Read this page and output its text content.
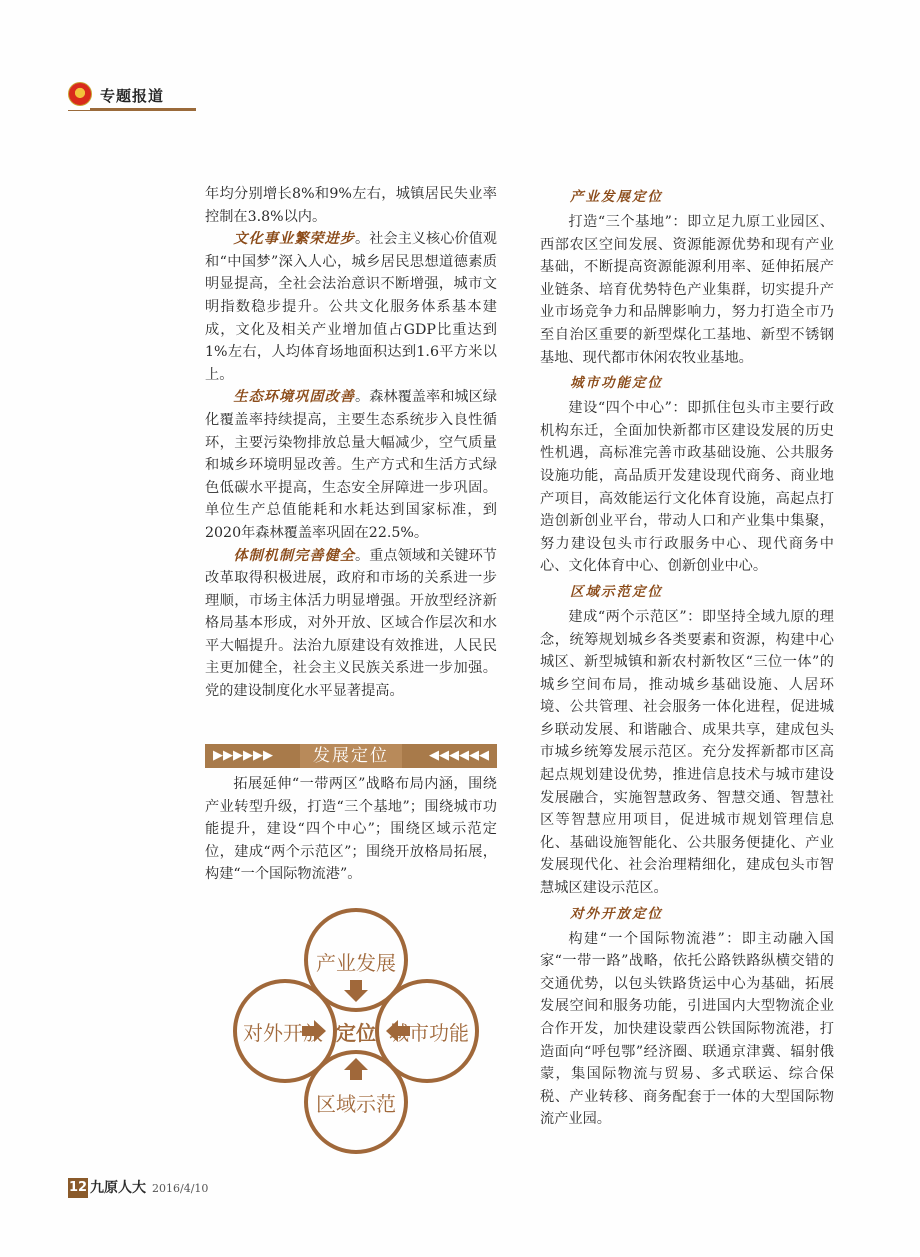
专题报道

年均分别增长8%和9%左右，城镇居民失业率控制在3.8%以内。

文化事业繁荣进步。社会主义核心价值观和“中国梦”深入人心，城乡居民思想道德素质明显提高，全社会法治意识不断增强，城市文明指数稳步提升。公共文化服务体系基本建成，文化及相关产业增加值占GDP比重达到1%左右，人均体育场地面积达到1.6平方米以上。

生态环境巩固改善。森林覆盖率和城区绿化覆盖率持续提高，主要生态系统步入良性循环，主要污染物排放总量大幅减少，空气质量和城乡环境明显改善。生产方式和生活方式绿色低碳水平提高，生态安全屏障进一步巩固。单位生产总值能耗和水耗达到国家标准，到2020年森林覆盖率巩固在22.5%。

体制机制完善健全。重点领域和关键环节改革取得积极进展，政府和市场的关系进一步理顺，市场主体活力明显增强。开放型经济新格局基本形成，对外开放、区域合作层次和水平大幅提升。法治九原建设有效推进，人民民主更加健全，社会主义民族关系进一步加强。党的建设制度化水平显著提高。

▶▶▶▶▶▶	发展定位	◀◀◀◀◀◀

拓展延伸“一带两区”战略布局内涵，围绕产业转型升级，打造“三个基地”；围绕城市功能提升，建设“四个中心”；围绕区域示范定位，建成“两个示范区”；围绕开放格局拓展，构建“一个国际物流港”。

产业发展
城市功能
区域示范
对外开放 定位

产业发展定位

打造“三个基地”：即立足九原工业园区、西部农区空间发展、资源能源优势和现有产业基础，不断提高资源能源利用率、延伸拓展产业链条、培育优势特色产业集群，切实提升产业市场竞争力和品牌影响力，努力打造全市乃至自治区重要的新型煤化工基地、新型不锈钢基地、现代都市休闲农牧业基地。

城市功能定位

建设“四个中心”：即抓住包头市主要行政机构东迁，全面加快新都市区建设发展的历史性机遇，高标准完善市政基础设施、公共服务设施功能，高品质开发建设现代商务、商业地产项目，高效能运行文化体育设施，高起点打造创新创业平台，带动人口和产业集中集聚，努力建设包头市行政服务中心、现代商务中心、文化体育中心、创新创业中心。

区域示范定位

建成“两个示范区”：即坚持全域九原的理念，统筹规划城乡各类要素和资源，构建中心城区、新型城镇和新农村新牧区“三位一体”的城乡空间布局，推动城乡基础设施、人居环境、公共管理、社会服务一体化进程，促进城乡联动发展、和谐融合、成果共享，建成包头市城乡统筹发展示范区。充分发挥新都市区高起点规划建设优势，推进信息技术与城市建设发展融合，实施智慧政务、智慧交通、智慧社区等智慧应用项目，促进城市规划管理信息化、基础设施智能化、公共服务便捷化、产业发展现代化、社会治理精细化，建成包头市智慧城区建设示范区。

对外开放定位

构建“一个国际物流港”：即主动融入国家“一带一路”战略，依托公路铁路纵横交错的交通优势，以包头铁路货运中心为基础，拓展发展空间和服务功能，引进国内大型物流企业合作开发，加快建设蒙西公铁国际物流港，打造面向“呼包鄂”经济圈、联通京津冀、辐射俄蒙，集国际物流与贸易、多式联运、综合保税、产业转移、商务配套于一体的大型国际物流产业园。

12 九原人大 2016/4/10
